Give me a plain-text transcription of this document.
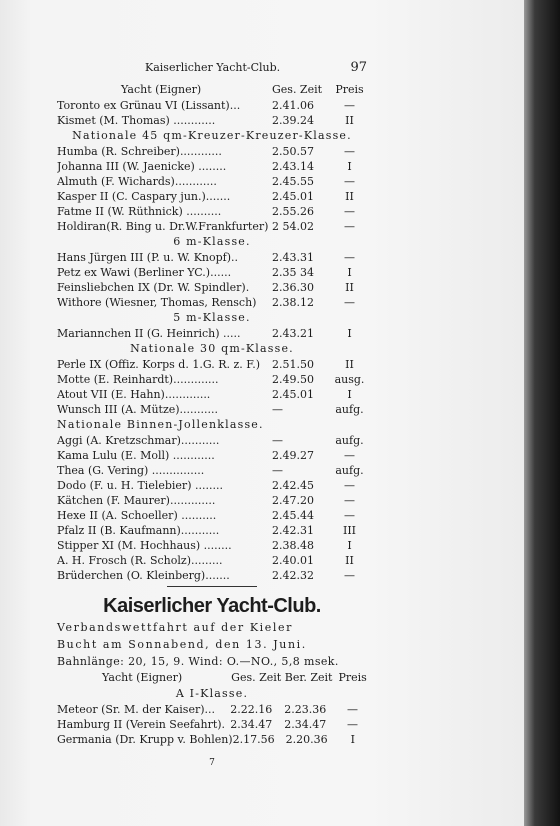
Kaiserlicher Yacht-Club.	97
Yacht (Eigner)	Ges. Zeit	Preis
Toronto ex Grünau VI (Lissant)...	2.41.06	—
Kismet (M. Thomas) ............	2.39.24	II
Nationale 45 qm-Kreuzer-Kreuzer-Klasse.
Humba (R. Schreiber)............	2.50.57	—
Johanna III (W. Jaenicke) ........	2.43.14	I
Almuth (F. Wichards)............	2.45.55	—
Kasper II (C. Caspary jun.).......	2.45.01	II
Fatme II (W. Rüthnick) ..........	2.55.26	—
Holdiran(R. Bing u. Dr.W.Frankfurter) 2 54.02	—
6 m-Klasse.
Hans Jürgen III (P. u. W. Knopf)..	2.43.31	—
Petz ex Wawi (Berliner YC.)......	2.35 34	I
Feinsliebchen IX (Dr. W. Spindler).	2.36.30	II
Withore (Wiesner, Thomas, Rensch)	2.38.12	—
5 m-Klasse.
Mariannchen II (G. Heinrich) .....	2.43.21	I
Nationale 30 qm-Klasse.
Perle IX (Offiz. Korps d. 1.G. R. z. F.)	2.51.50	II
Motte (E. Reinhardt).............	2.49.50	ausg.
Atout VII (E. Hahn).............	2.45.01	I
Wunsch III (A. Mütze)...........	—	aufg.
Nationale Binnen-Jollenklasse.
Aggi (A. Kretzschmar)...........	—	aufg.
Kama Lulu (E. Moll) ............	2.49.27	—
Thea (G. Vering) ...............	—	aufg.
Dodo (F. u. H. Tielebier) ........	2.42.45	—
Kätchen (F. Maurer).............	2.47.20	—
Hexe II (A. Schoeller) ..........	2.45.44	—
Pfalz II (B. Kaufmann)...........	2.42.31	III
Stipper XI (M. Hochhaus) ........	2.38.48	I
A. H. Frosch (R. Scholz).........	2.40.01	II
Brüderchen (O. Kleinberg).......	2.42.32	—
Kaiserlicher Yacht-Club.
Verbandswettfahrt auf der Kieler
Bucht am Sonnabend, den 13. Juni.
Bahnlänge: 20, 15, 9. Wind: O.—NO., 5,8 msek.
Yacht (Eigner)	Ges. Zeit Ber. Zeit Preis
A I-Klasse.
Meteor (Sr. M. der Kaiser)...	2.22.16	2.23.36	—
Hamburg II (Verein Seefahrt). 2.34.47	2.34.47	—
Germania (Dr. Krupp v. Bohlen) 2.17.56	2.20.36	I
7
